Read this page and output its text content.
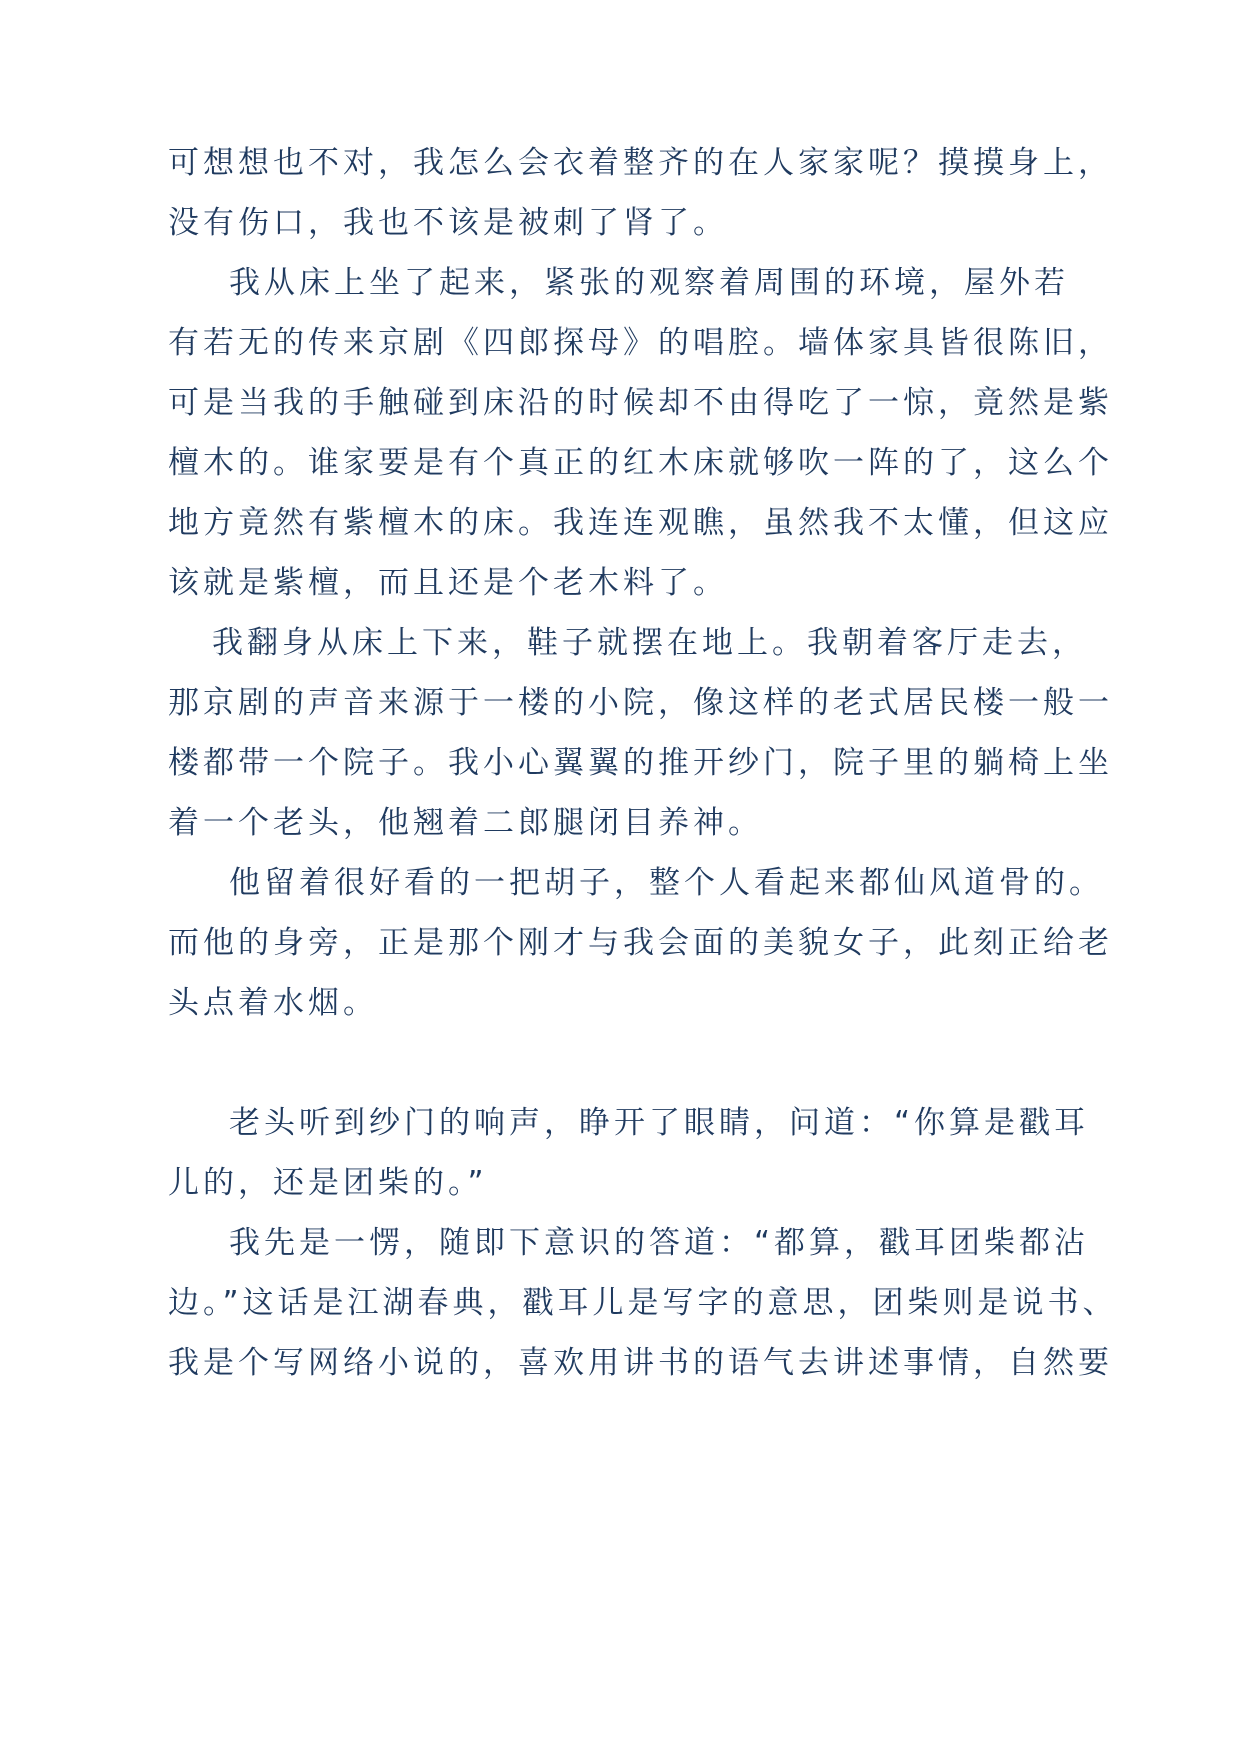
可想想也不对，我怎么会衣着整齐的在人家家呢？摸摸身上，
没有伤口，我也不该是被刺了肾了。
我从床上坐了起来，紧张的观察着周围的环境，屋外若
有若无的传来京剧《四郎探母》的唱腔。墙体家具皆很陈旧，
可是当我的手触碰到床沿的时候却不由得吃了一惊，竟然是紫
檀木的。谁家要是有个真正的红木床就够吹一阵的了，这么个
地方竟然有紫檀木的床。我连连观瞧，虽然我不太懂，但这应
该就是紫檀，而且还是个老木料了。
我翻身从床上下来，鞋子就摆在地上。我朝着客厅走去，
那京剧的声音来源于一楼的小院，像这样的老式居民楼一般一
楼都带一个院子。我小心翼翼的推开纱门，院子里的躺椅上坐
着一个老头，他翘着二郎腿闭目养神。
他留着很好看的一把胡子，整个人看起来都仙风道骨的。
而他的身旁，正是那个刚才与我会面的美貌女子，此刻正给老
头点着水烟。
老头听到纱门的响声，睁开了眼睛，问道：“你算是戳耳
儿的，还是团柴的。”
我先是一愣，随即下意识的答道：“都算，戳耳团柴都沾
边。”这话是江湖春典，戳耳儿是写字的意思，团柴则是说书、
我是个写网络小说的，喜欢用讲书的语气去讲述事情，自然要
